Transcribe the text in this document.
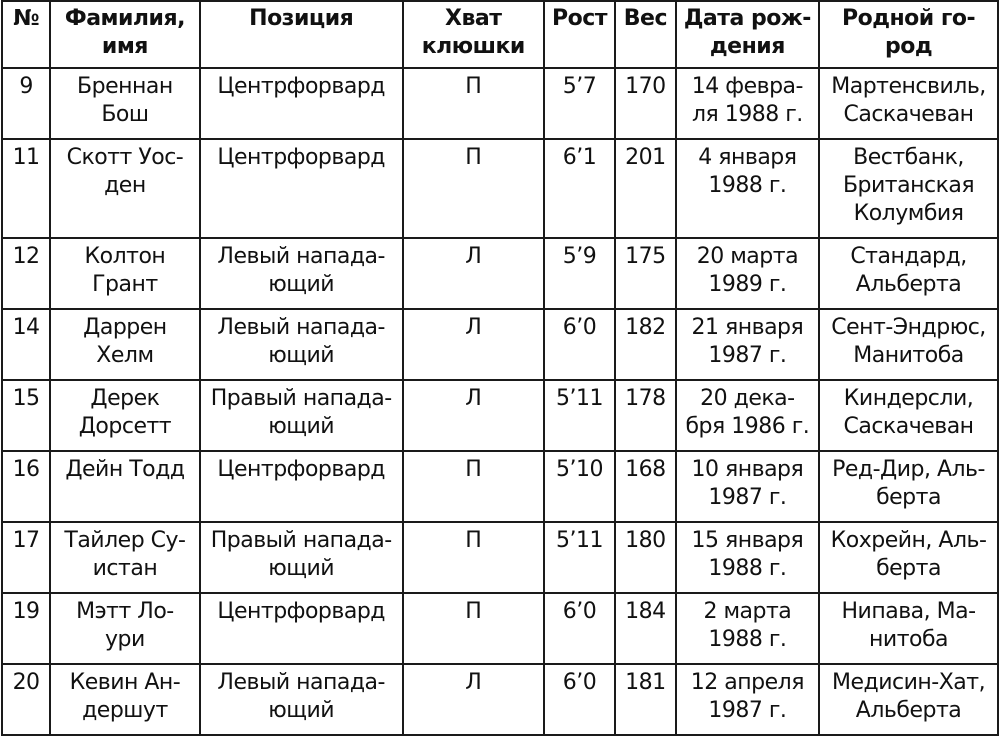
№	Фамилия,
имя	Позиция	Хват
клюшки	Рост	Вес	Дата рож-
дения	Родной го-
род

9	Бреннан
Бош	Центрфорвард	П	5’7	170	14 февра-
ля 1988 г.	Мартенсвиль,
Саскачеван

11	Скотт Уос-
ден	Центрфорвард	П	6’1	201	4 января
1988 г.	Вестбанк,
Британская
Колумбия

12	Колтон
Грант	Левый напада-
ющий	Л	5’9	175	20 марта
1989 г.	Стандард,
Альберта

14	Даррен
Хелм	Левый напада-
ющий	Л	6’0	182	21 января
1987 г.	Сент-Эндрюс,
Манитоба

15	Дерек
Дорсетт	Правый напада-
ющий	Л	5’11	178	20 дека-
бря 1986 г.	Киндерсли,
Саскачеван

16	Дейн Тодд	Центрфорвард	П	5’10	168	10 января
1987 г.	Ред-Дир, Аль-
берта

17	Тайлер Су-
истан	Правый напада-
ющий	П	5’11	180	15 января
1988 г.	Кохрейн, Аль-
берта

19	Мэтт Ло-
ури	Центрфорвард	П	6’0	184	2 марта
1988 г.	Нипава, Ма-
нитоба

20	Кевин Ан-
дершут	Левый напада-
ющий	Л	6’0	181	12 апреля
1987 г.	Медисин-Хат,
Альберта
